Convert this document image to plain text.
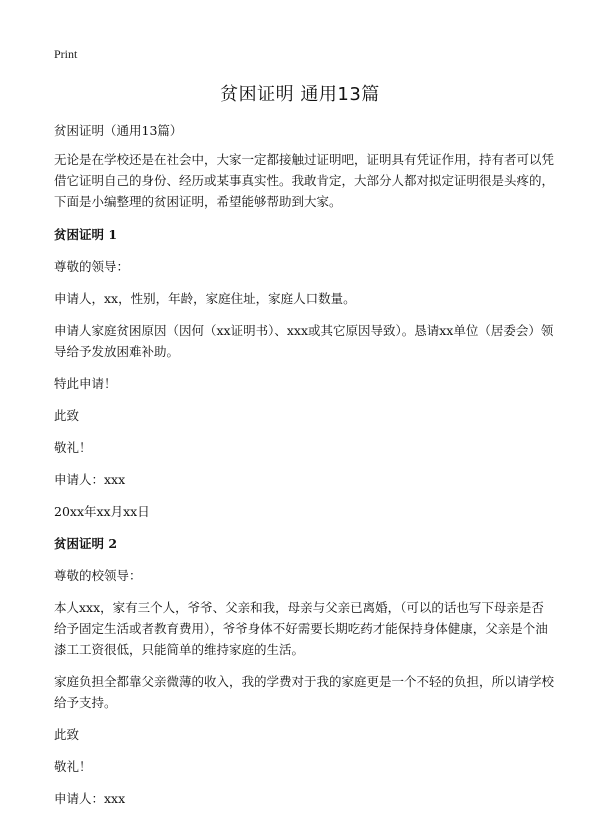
Print
贫困证明 通用13篇

贫困证明（通用13篇）

无论是在学校还是在社会中，大家一定都接触过证明吧，证明具有凭证作用，持有者可以凭借它证明自己的身份、经历或某事真实性。我敢肯定，大部分人都对拟定证明很是头疼的，下面是小编整理的贫困证明，希望能够帮助到大家。

贫困证明 1

尊敬的领导：

申请人，xx，性别，年龄，家庭住址，家庭人口数量。

申请人家庭贫困原因（因何（xx证明书）、xxx或其它原因导致）。恳请xx单位（居委会）领导给予发放困难补助。

特此申请！

此致

敬礼！

申请人：xxx

20xx年xx月xx日

贫困证明 2

尊敬的校领导：

本人xxx，家有三个人，爷爷、父亲和我，母亲与父亲已离婚，（可以的话也写下母亲是否给予固定生活或者教育费用），爷爷身体不好需要长期吃药才能保持身体健康，父亲是个油漆工工资很低，只能简单的维持家庭的生活。

家庭负担全都靠父亲微薄的收入，我的学费对于我的家庭更是一个不轻的负担，所以请学校给予支持。

此致

敬礼！

申请人：xxx
